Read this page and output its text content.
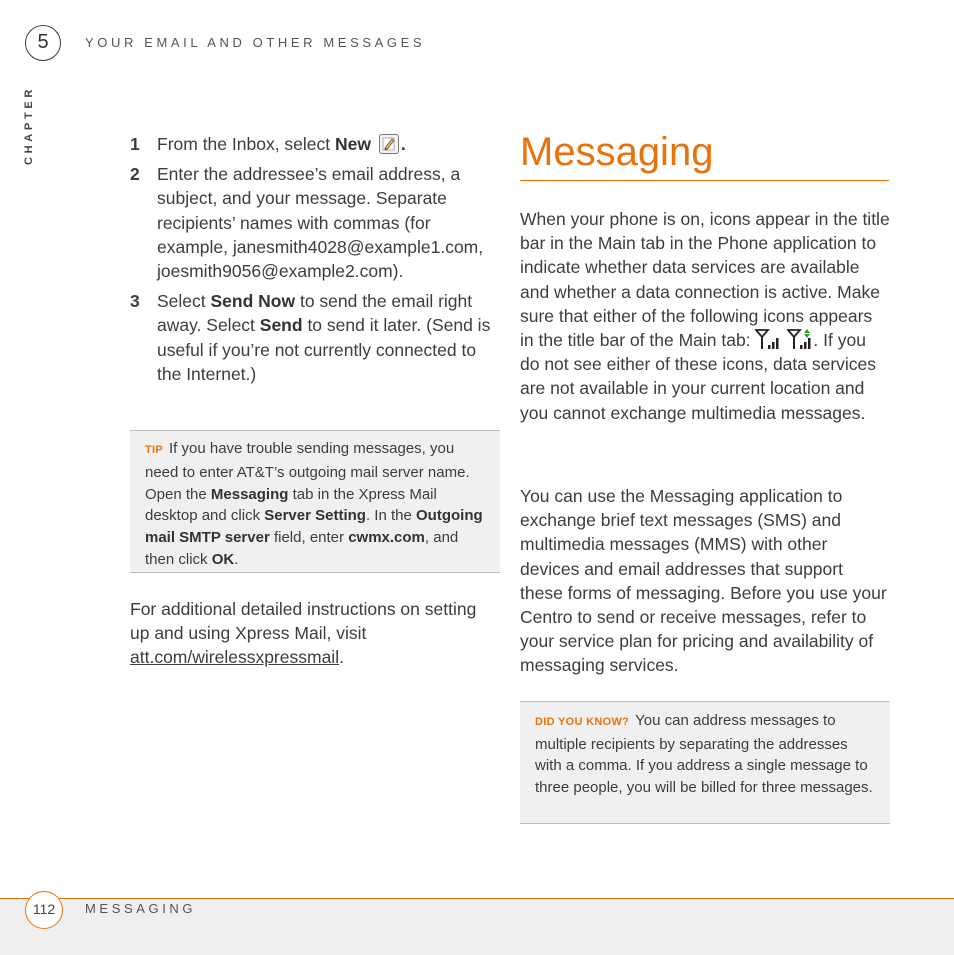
5	YOUR EMAIL AND OTHER MESSAGES
CHAPTER	1 From the Inbox, select New .
2 Enter the addressee’s email address, a subject, and your message. Separate recipients’ names with commas (for example, janesmith4028@example1.com, joesmith9056@example2.com).
3 Select Send Now to send the email right away. Select Send to send it later. (Send is useful if you’re not currently connected to the Internet.)
TIP If you have trouble sending messages, you need to enter AT&T’s outgoing mail server name. Open the Messaging tab in the Xpress Mail desktop and click Server Setting. In the Outgoing mail SMTP server field, enter cwmx.com, and then click OK.
For additional detailed instructions on setting up and using Xpress Mail, visit att.com/wirelessxpressmail.
Messaging

When your phone is on, icons appear in the title bar in the Main tab in the Phone application to indicate whether data services are available and whether a data connection is active. Make sure that either of the following icons appears in the title bar of the Main tab:	. If you do not see either of these icons, data services are not available in your current location and you cannot exchange multimedia messages.

You can use the Messaging application to exchange brief text messages (SMS) and multimedia messages (MMS) with other devices and email addresses that support these forms of messaging. Before you use your Centro to send or receive messages, refer to your service plan for pricing and availability of messaging services.

DID YOU KNOW? You can address messages to multiple recipients by separating the addresses with a comma. If you address a single message to three people, you will be billed for three messages.
112	MESSAGING
